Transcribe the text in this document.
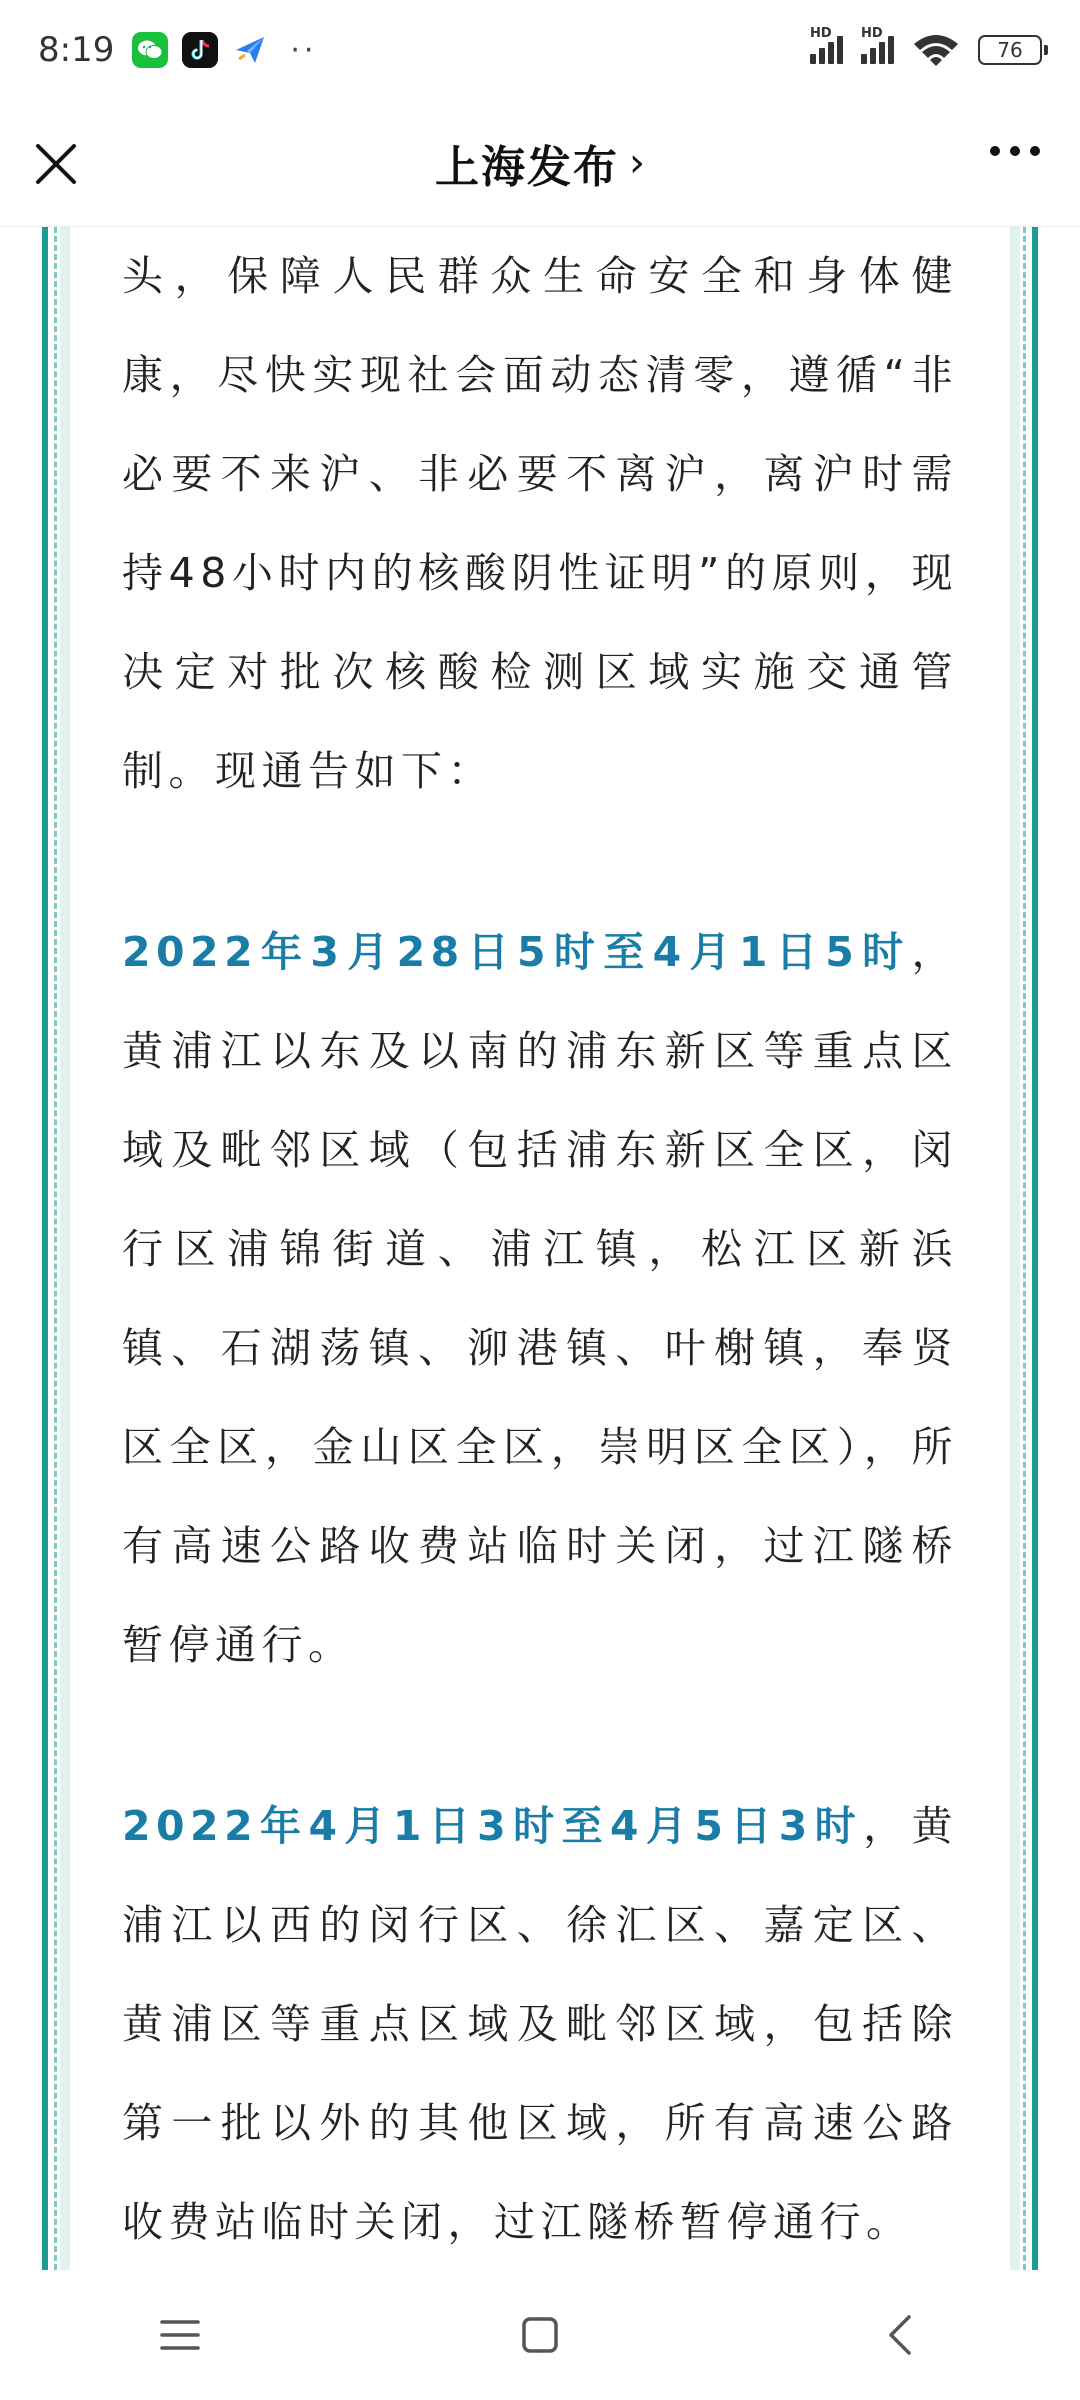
8:19	··	HD HD
76
上海发布 ›

头，保障人民群众生命安全和身体健康，尽快实现社会面动态清零，遵循“非必要不来沪、非必要不离沪，离沪时需持48小时内的核酸阴性证明”的原则，现决定对批次核酸检测区域实施交通管制。现通告如下：

2022年3月28日5时至4月1日5时，黄浦江以东及以南的浦东新区等重点区域及毗邻区域（包括浦东新区全区，闵行区浦锦街道、浦江镇，松江区新浜镇、石湖荡镇、泖港镇、叶榭镇，奉贤区全区，金山区全区，崇明区全区），所有高速公路收费站临时关闭，过江隧桥暂停通行。

2022年4月1日3时至4月5日3时，黄浦江以西的闵行区、徐汇区、嘉定区、黄浦区等重点区域及毗邻区域，包括除第一批以外的其他区域，所有高速公路收费站临时关闭，过江隧桥暂停通行。
